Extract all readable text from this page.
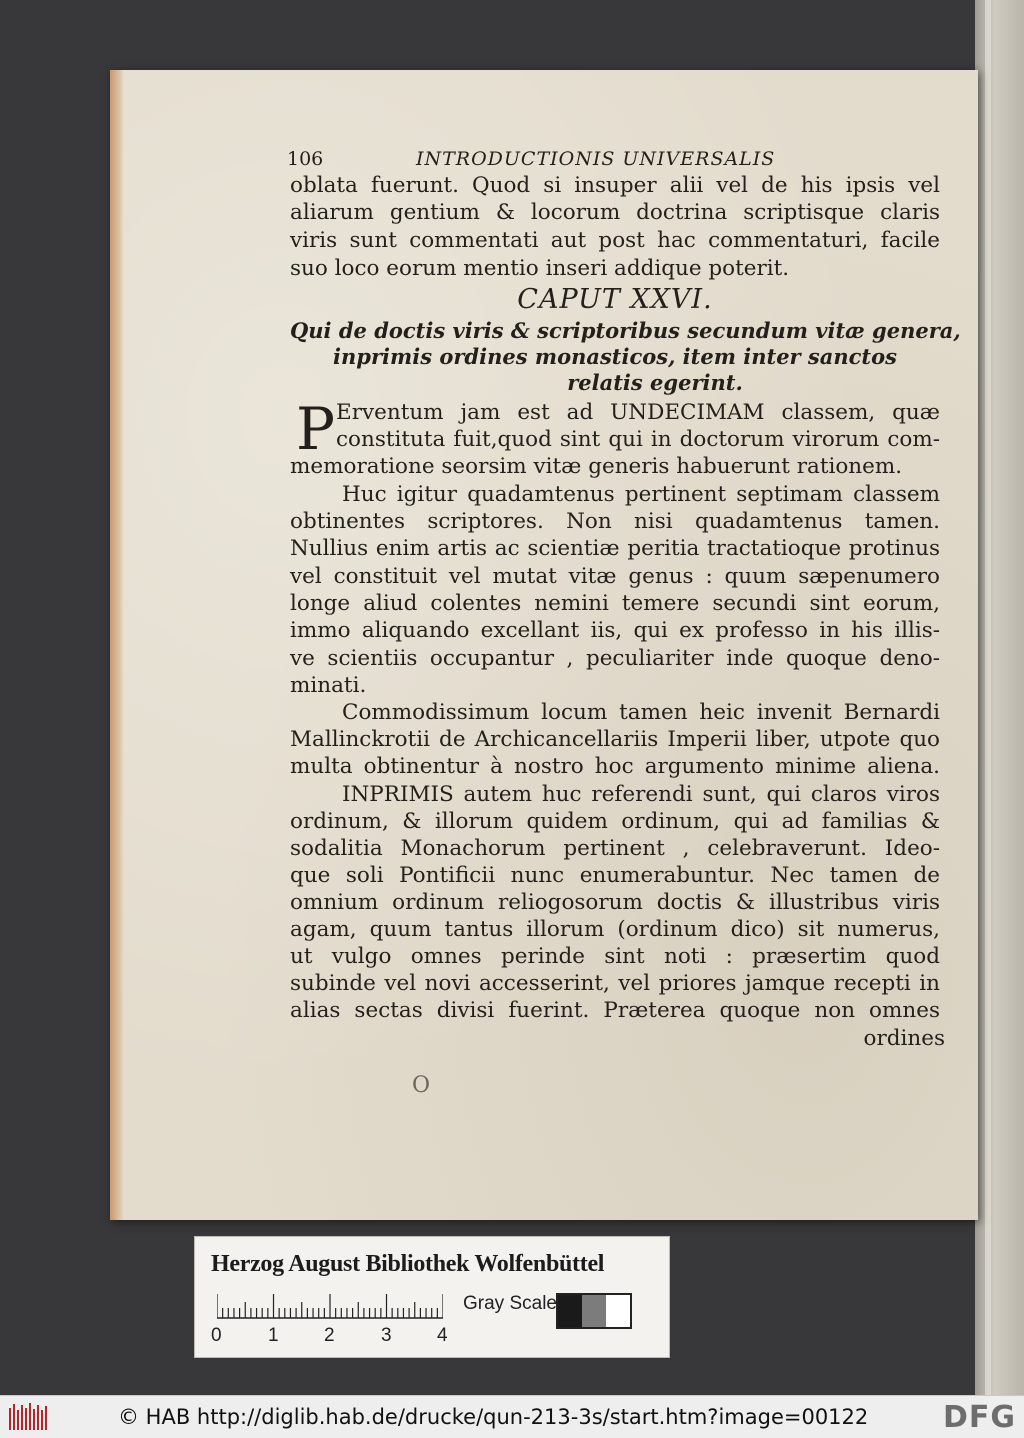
106	INTRODUCTIONIS UNIVERSALIS
oblata fuerunt. Quod si insuper alii vel de his ipsis vel
aliarum gentium & locorum doctrina scriptisque claris
viris sunt commentati aut post hac commentaturi, facile
suo loco eorum mentio inseri addique poterit.
CAPUT XXVI.
Qui de doctis viris & scriptoribus secundum vitæ genera,
inprimis ordines monasticos, item inter sanctos
relatis egerint.
P Erventum jam est ad UNDECIMAM classem, quæ
constituta fuit,quod sint qui in doctorum virorum com-
memoratione seorsim vitæ generis habuerunt rationem.
Huc igitur quadamtenus pertinent septimam classem
obtinentes scriptores. Non nisi quadamtenus tamen.
Nullius enim artis ac scientiæ peritia tractatioque protinus
vel constituit vel mutat vitæ genus : quum sæpenumero
longe aliud colentes nemini temere secundi sint eorum,
immo aliquando excellant iis, qui ex professo in his illis-
ve scientiis occupantur , peculiariter inde quoque deno-
minati.
Commodissimum locum tamen heic invenit Bernardi
Mallinckrotii de Archicancellariis Imperii liber, utpote quo
multa obtinentur à nostro hoc argumento minime aliena.
INPRIMIS autem huc referendi sunt, qui claros viros
ordinum, & illorum quidem ordinum, qui ad familias &
sodalitia Monachorum pertinent , celebraverunt. Ideo-
que soli Pontificii nunc enumerabuntur. Nec tamen de
omnium ordinum reliogosorum doctis & illustribus viris
agam, quum tantus illorum (ordinum dico) sit numerus,
ut vulgo omnes perinde sint noti : præsertim quod
subinde vel novi accesserint, vel priores jamque recepti in
alias sectas divisi fuerint. Præterea quoque non omnes
ordines
O
Herzog August Bibliothek Wolfenbüttel
0 1 2 3 4
Gray Scale
© HAB http://diglib.hab.de/drucke/qun-213-3s/start.htm?image=00122 DFG
